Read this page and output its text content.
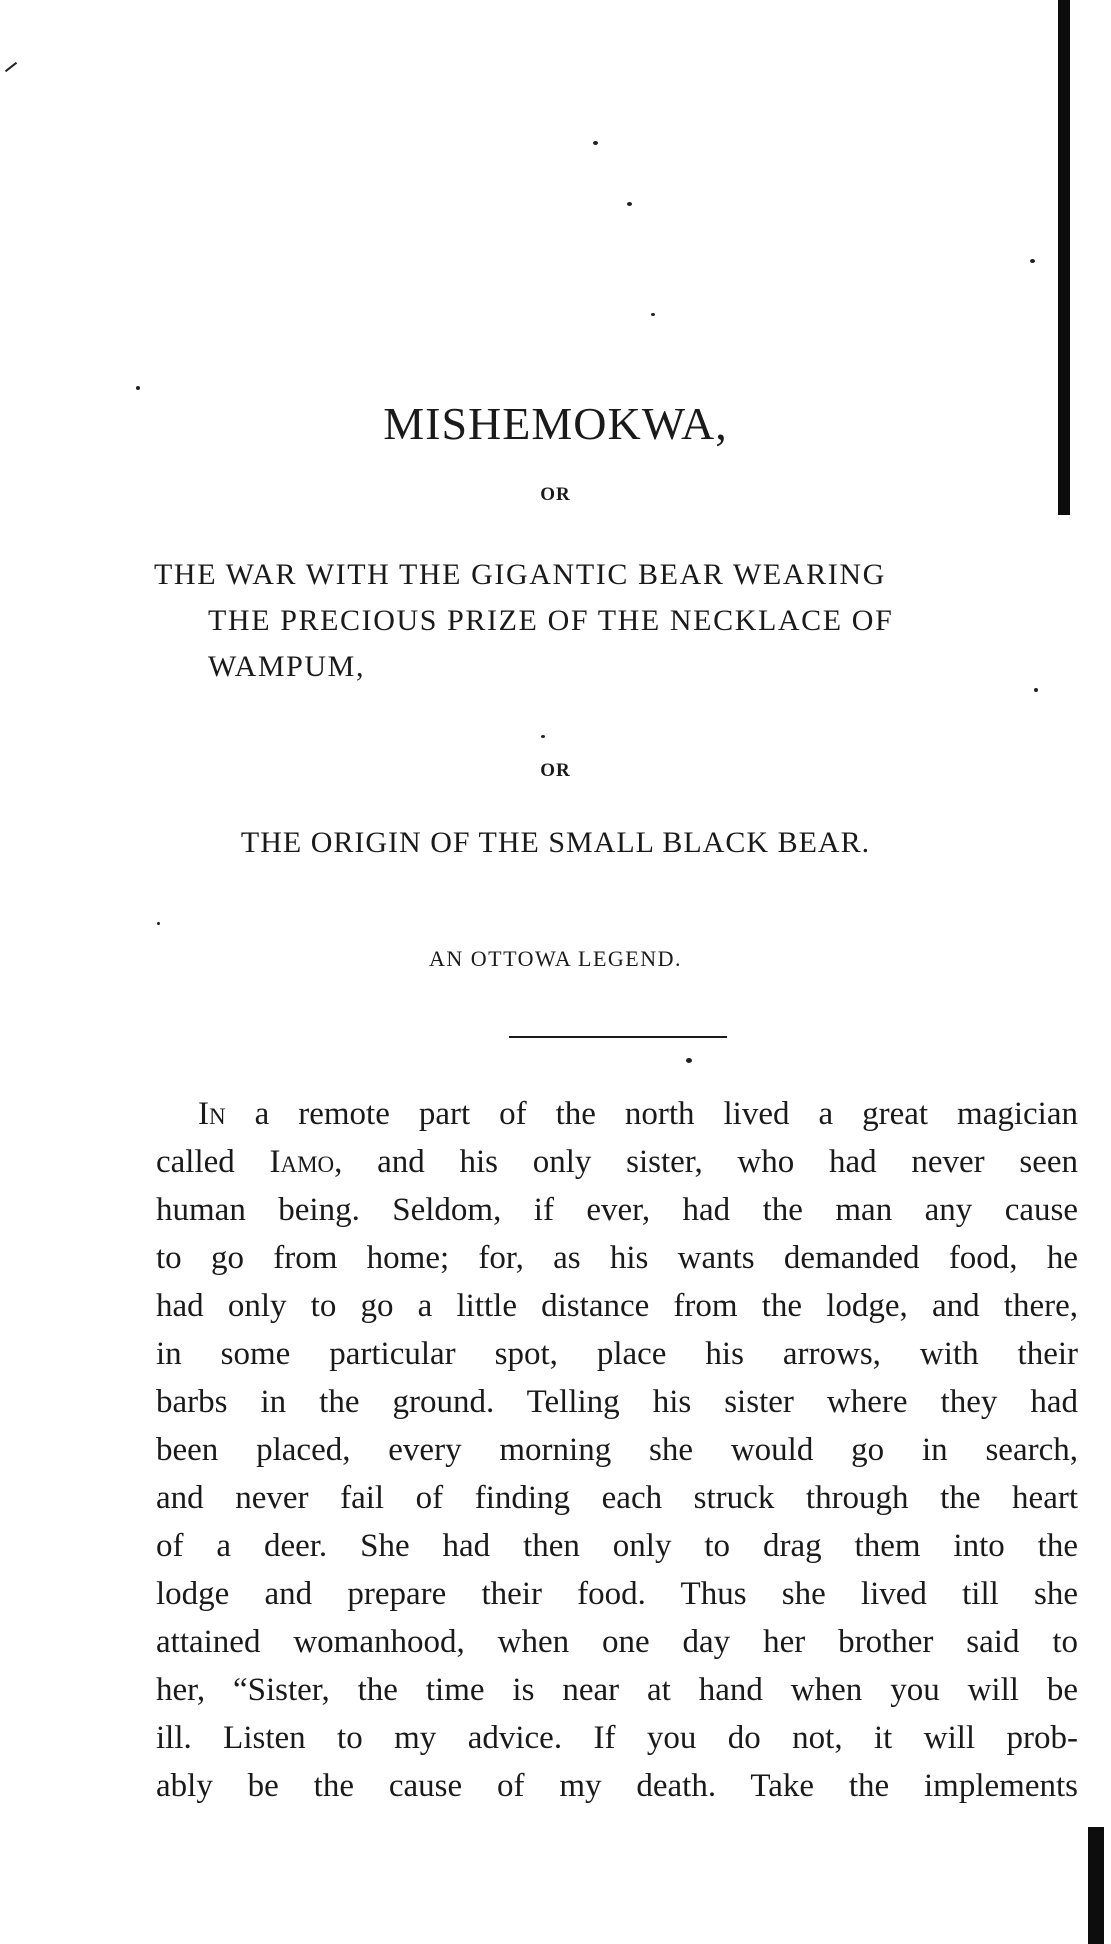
MISHEMOKWA,
OR
THE WAR WITH THE GIGANTIC BEAR WEARING
THE PRECIOUS PRIZE OF THE NECKLACE OF
WAMPUM,
OR
THE ORIGIN OF THE SMALL BLACK BEAR.
AN OTTOWA LEGEND.
In a remote part of the north lived a great magician
called Iamo, and his only sister, who had never seen
human being. Seldom, if ever, had the man any cause
to go from home; for, as his wants demanded food, he
had only to go a little distance from the lodge, and there,
in some particular spot, place his arrows, with their
barbs in the ground. Telling his sister where they had
been placed, every morning she would go in search,
and never fail of finding each struck through the heart
of a deer. She had then only to drag them into the
lodge and prepare their food. Thus she lived till she
attained womanhood, when one day her brother said to
her, “Sister, the time is near at hand when you will be
ill. Listen to my advice. If you do not, it will prob-
ably be the cause of my death. Take the implements
